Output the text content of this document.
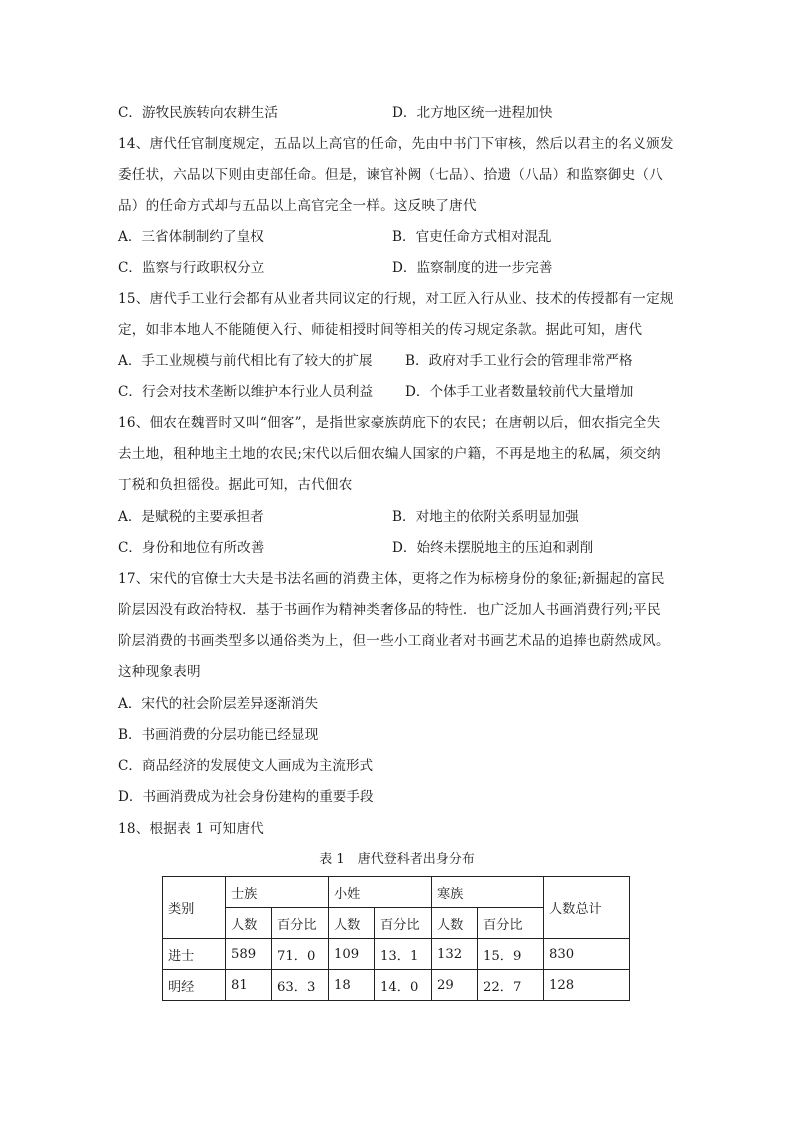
C．游牧民族转向农耕生活	D．北方地区统一进程加快
14、唐代任官制度规定，五品以上高官的任命，先由中书门下审核，然后以君主的名义颁发
委任状，六品以下则由吏部任命。但是，谏官补阙（七品）、拾遗（八品）和监察御史（八
品）的任命方式却与五品以上高官完全一样。这反映了唐代
A．三省体制制约了皇权	B．官吏任命方式相对混乱
C．监察与行政职权分立	D．监察制度的进一步完善
15、唐代手工业行会都有从业者共同议定的行规，对工匠入行从业、技术的传授都有一定规
定，如非本地人不能随便入行、师徒相授时间等相关的传习规定条款。据此可知，唐代
A．手工业规模与前代相比有了较大的扩展 B．政府对手工业行会的管理非常严格
C．行会对技术垄断以维护本行业人员利益 D．个体手工业者数量较前代大量增加
16、佃农在魏晋时又叫“佃客”，是指世家豪族荫庇下的农民；在唐朝以后，佃农指完全失
去土地，租种地主土地的农民;宋代以后佃农编人国家的户籍，不再是地主的私属，须交纳
丁税和负担徭役。据此可知，古代佃农
A．是赋税的主要承担者	B．对地主的依附关系明显加强
C．身份和地位有所改善	D．始终未摆脱地主的压迫和剥削
17、宋代的官僚士大夫是书法名画的消费主体，更将之作为标榜身份的象征;新掘起的富民
阶层因没有政治特权．基于书画作为精神类奢侈品的特性．也广泛加人书画消费行列;平民
阶层消费的书画类型多以通俗类为上，但一些小工商业者对书画艺术品的追捧也蔚然成风。
这种现象表明
A．宋代的社会阶层差异逐渐消失
B．书画消费的分层功能已经显现
C．商品经济的发展使文人画成为主流形式
D．书画消费成为社会身份建构的重要手段
18、根据表 1 可知唐代
表 1　唐代登科者出身分布
类别	士族		小姓		寒族		人数总计
	人数	百分比	人数	百分比	人数	百分比	
进士	589	71．0	109	13．1	132	15．9	830
明经	81	63．3	18	14．0	29	22．7	128
